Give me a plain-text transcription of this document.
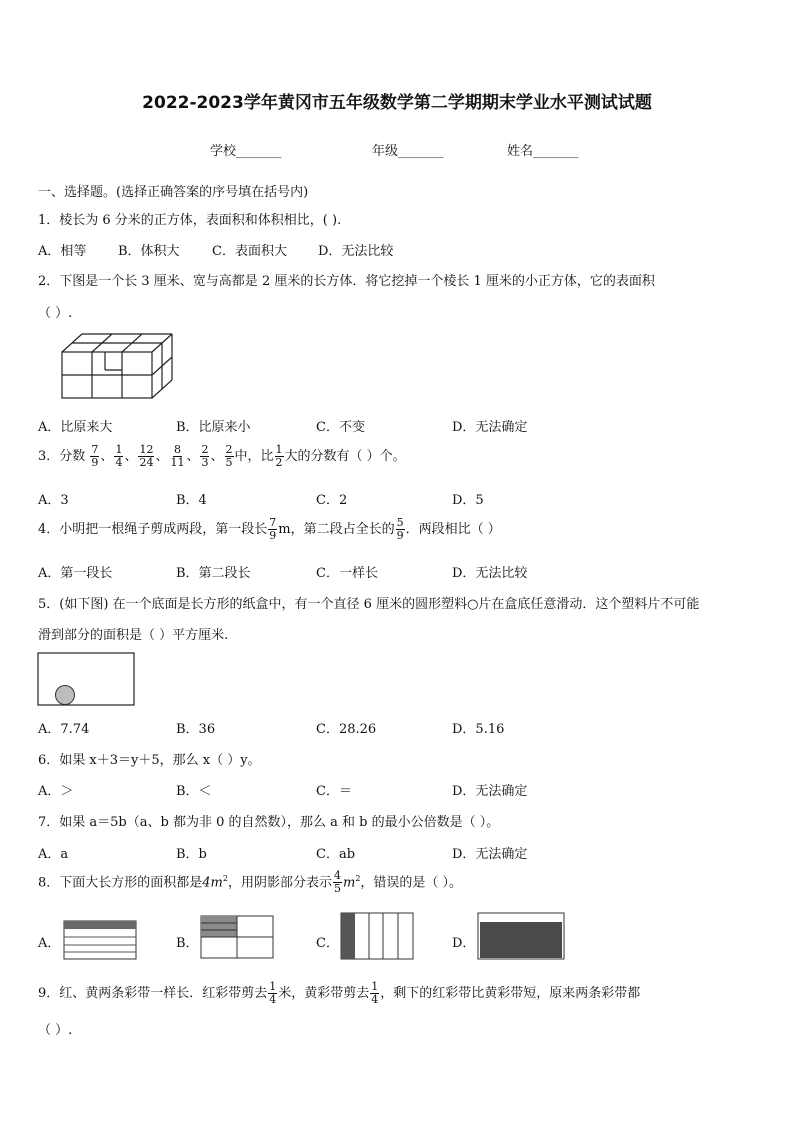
2022-2023学年黄冈市五年级数学第二学期期末学业水平测试试题
学校_______	年级_______	姓名_______
一、选择题。(选择正确答案的序号填在括号内)
1．棱长为 6 分米的正方体，表面积和体积相比，( ).
A．相等 B．体积大 C．表面积大 D．无法比较
2．下图是一个长 3 厘米、宽与高都是 2 厘米的长方体．将它挖掉一个棱长 1 厘米的小正方体，它的表面积
（ ）.
A．比原来大	B．比原来小	C．不变	D．无法确定
3．分数 $\frac{7}{9}$ 、 $\frac{1}{4}$ 、 $\frac{12}{24}$ 、 $\frac{8}{11}$ 、 $\frac{2}{3}$ 、 $\frac{2}{5}$ 中，比 $\frac{1}{2}$ 大的分数有（ ）个。
A．3	B．4	C．2	D．5
4．小明把一根绳子剪成两段，第一段长 $\frac{7}{9}$ m，第二段占全长的 $\frac{5}{9}$ ．两段相比（ ）
A．第一段长	B．第二段长	C．一样长	D．无法比较
5．(如下图) 在一个底面是长方形的纸盒中，有一个直径 6 厘米的圆形塑料○片在盒底任意滑动．这个塑料片不可能
滑到部分的面积是（ ）平方厘米.
A．7.74	B．36	C．28.26	D．5.16
6．如果 x＋3＝y＋5，那么 x（ ）y。
A．＞	B．＜	C．＝	D．无法确定
7．如果 a＝5b（a、b 都为非 0 的自然数），那么 a 和 b 的最小公倍数是（ ）。
A．a	B．b	C．ab	D．无法确定
8．下面大长方形的面积都是$4m^2$，用阴影部分表示 $\frac{4}{5} m^2$，错误的是（ ）。
A．	B．	C．	D．
9．红、黄两条彩带一样长．红彩带剪去 $\frac{1}{4}$ 米，黄彩带剪去 $\frac{1}{4}$ ，剩下的红彩带比黄彩带短，原来两条彩带都
（ ）.
